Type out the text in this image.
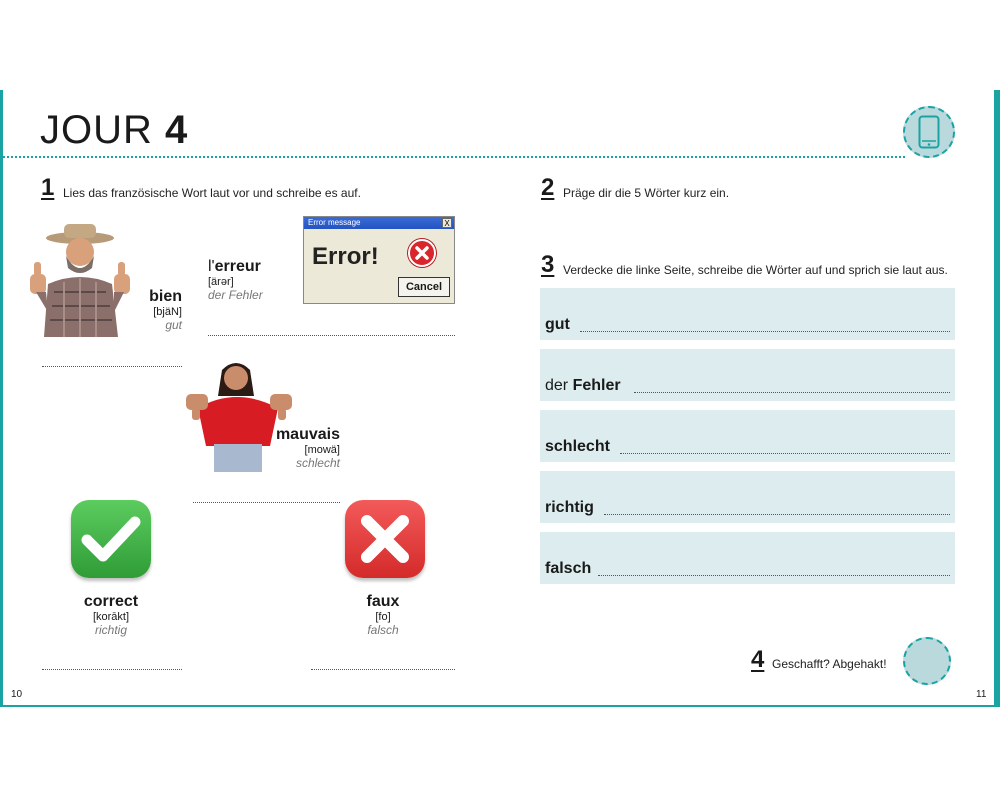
JOUR 4
1 Lies das französische Wort laut vor und schreibe es auf.
bien
[bjäN]
gut
l'erreur
[ärər]
der Fehler
Error message	X
Error!
Cancel
mauvais
[mowä]
schlecht
correct
[korākt]
richtig
faux
[fo]
falsch
10
2 Präge dir die 5 Wörter kurz ein.
3 Verdecke die linke Seite, schreibe die Wörter auf und sprich sie laut aus.
gut
der Fehler
schlecht
richtig
falsch
4 Geschafft? Abgehakt!
11
